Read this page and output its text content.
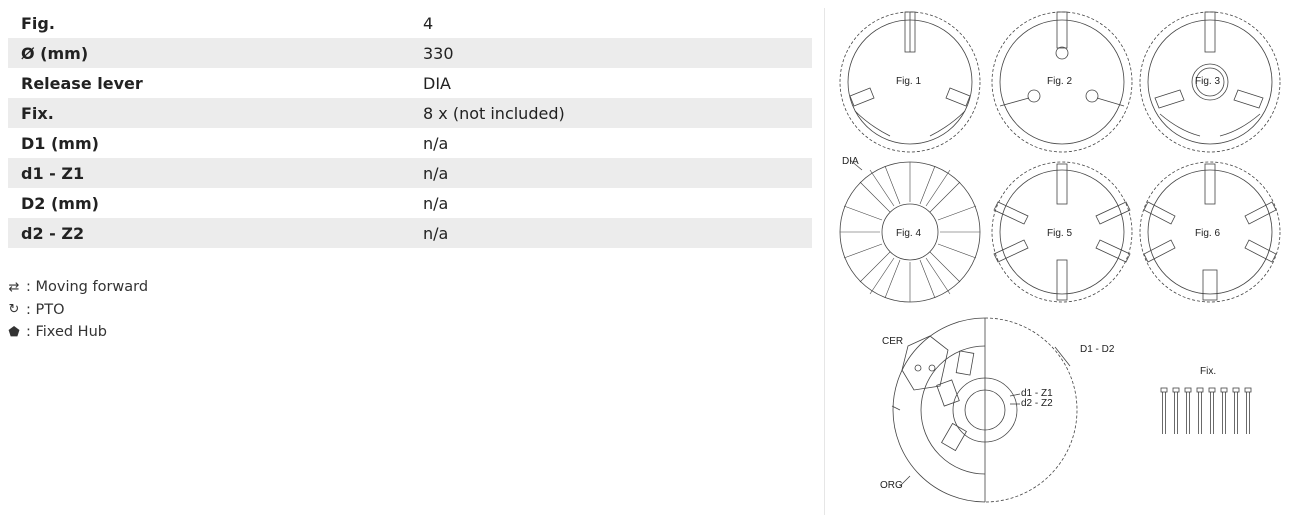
Fig.	4
Ø (mm)	330
Release lever	DIA
Fix.	8 x (not included)
D1 (mm)	n/a
d1 - Z1	n/a
D2 (mm)	n/a
d2 - Z2	n/a
⇄ : Moving forward
↻ : PTO
⬟ : Fixed Hub
Fig. 1	Fig. 2	Fig. 3
Fig. 4	Fig. 5	Fig. 6
DIA
CER
ORG
D1 - D2
d1 - Z1
d2 - Z2
Fix.
